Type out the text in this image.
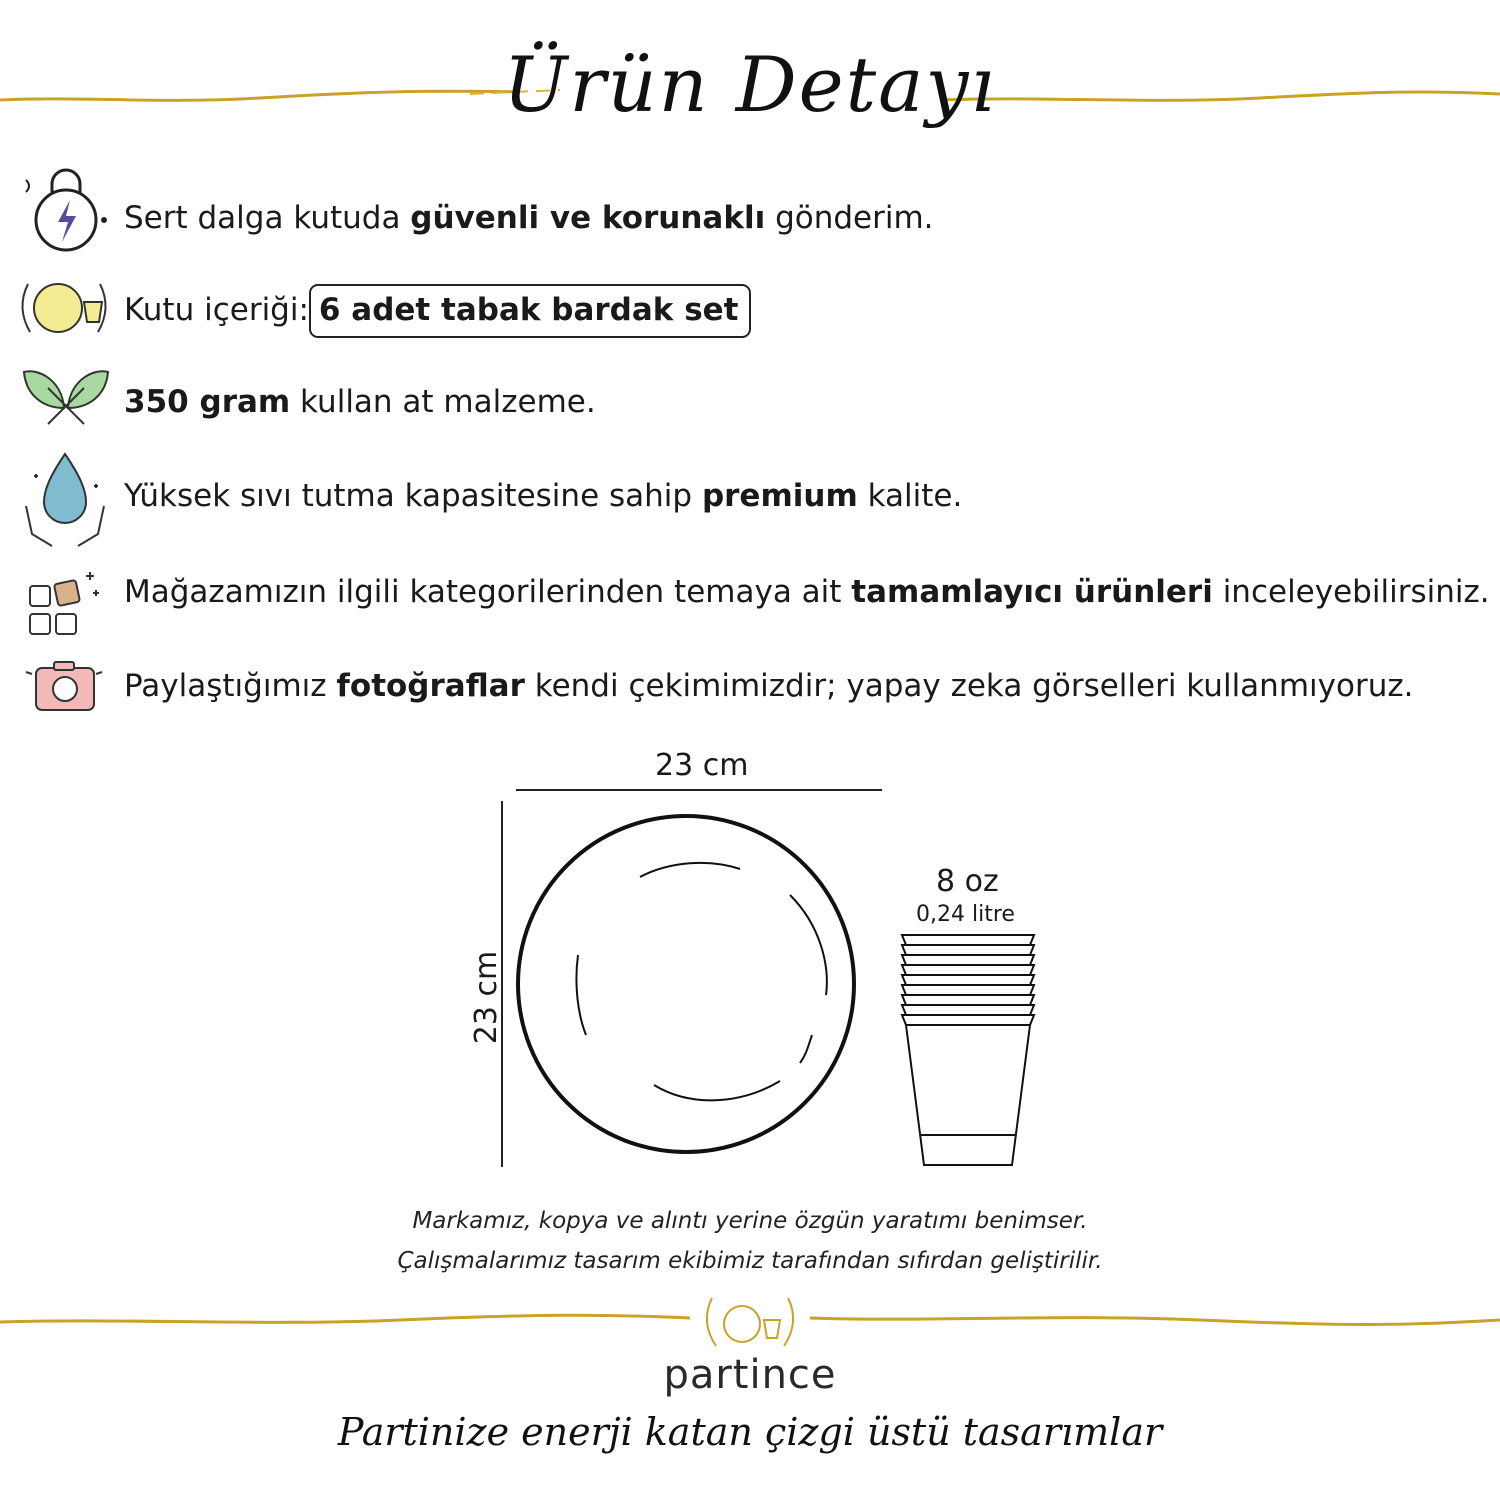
Ürün Detayı
Sert dalga kutuda güvenli ve korunaklı gönderim.
Kutu içeriği: 6 adet tabak bardak set
350 gram kullan at malzeme.
Yüksek sıvı tutma kapasitesine sahip premium kalite.
Mağazamızın ilgili kategorilerinden temaya ait tamamlayıcı ürünleri inceleyebilirsiniz.
Paylaştığımız fotoğraflar kendi çekimimizdir; yapay zeka görselleri kullanmıyoruz.
23 cm
23 cm
8 oz
0,24 litre
Markamız, kopya ve alıntı yerine özgün yaratımı benimser.
Çalışmalarımız tasarım ekibimiz tarafından sıfırdan geliştirilir.
partince
Partinize enerji katan çizgi üstü tasarımlar
